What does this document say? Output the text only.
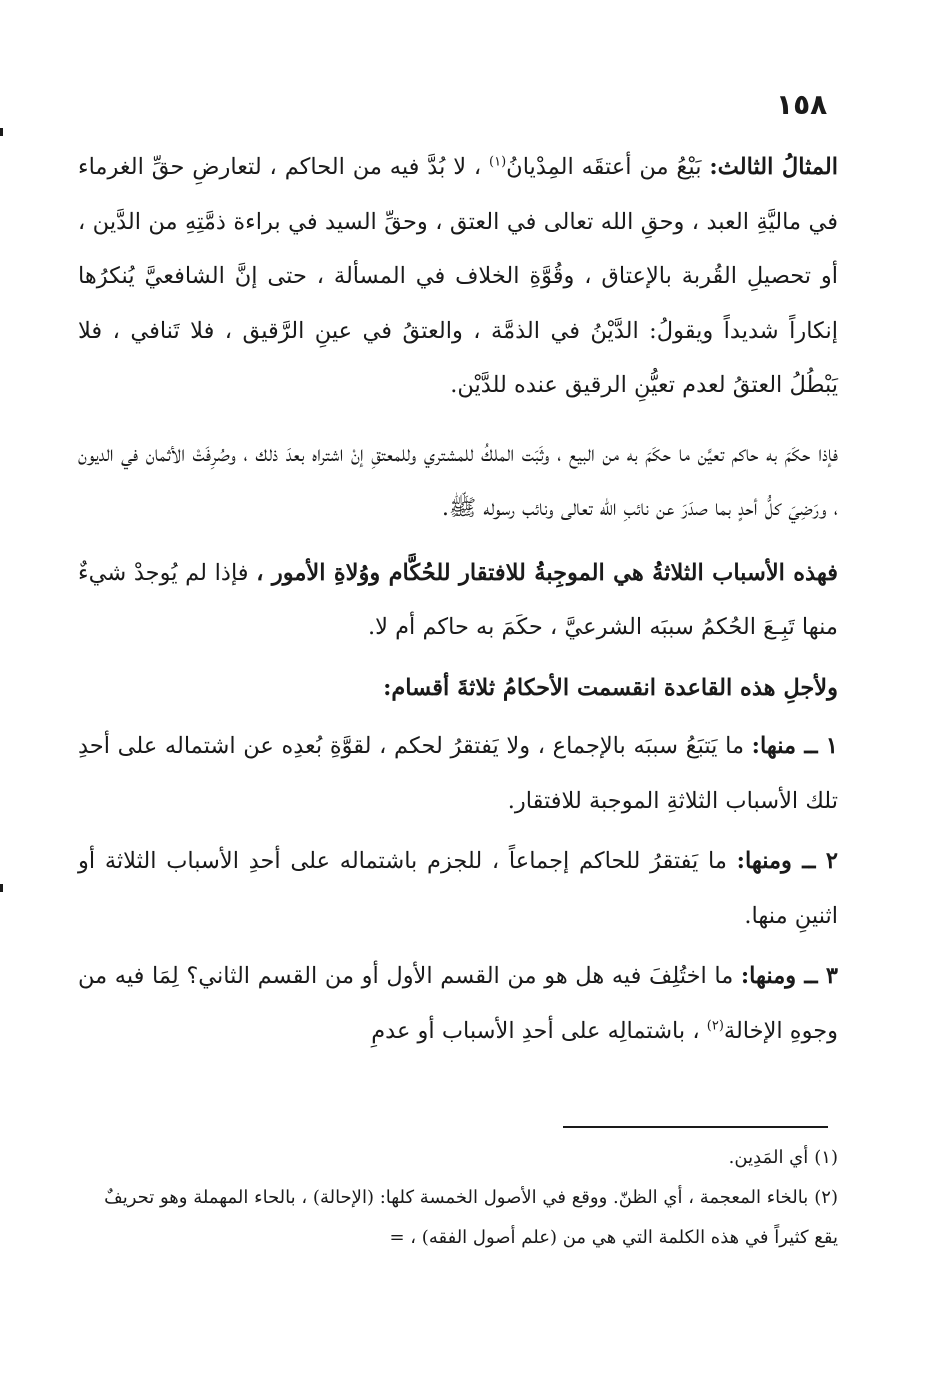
١٥٨

المثالُ الثالث: بَيْعُ من أعتقَه المِدْيانُ$^{(١)}$ ، لا بُدَّ فيه من الحاكم ، لتعارضِ حقِّ الغرماء في ماليَّةِ العبد ، وحقِ الله تعالى في العتق ، وحقِّ السيد في براءة ذمَّتِهِ من الدَّين ، أو تحصيلِ القُربة بالإعتاق ، وقُوَّةِ الخلاف في المسألة ، حتى إنَّ الشافعيَّ يُنكرُها إنكاراً شديداً ويقولُ: الدَّيْنُ في الذمَّة ، والعتقُ في عينِ الرَّقيق ، فلا تَنافي ، فلا يَبْطُلُ العتقُ لعدم تعيُّنِ الرقيق عنده للدَّيْن.

فإذا حكَمَ به حاكم تعيَّن ما حكَمَ به من البيع ، وثَبَت الملكُ للمشتري وللمعتقِ إنْ اشتراه بعدَ ذلك ، وصُرِفَتْ الأثمان في الديون ، ورَضِيَ كلُّ أحدٍ بما صدَرَ عن نائبِ الله تعالى ونائب رسوله ﷺ.

فهذه الأسباب الثلاثةُ هي الموجِبةُ للافتقار للحُكَّام ووُلاةِ الأمور ، فإذا لم يُوجدْ شيءٌ منها تَبِـعَ الحُكمُ سببَه الشرعيَّ ، حكَمَ به حاكم أم لا.

ولأجلِ هذه القاعدة انقسمت الأحكامُ ثلاثةَ أقسام:

١ ــ منها: ما يَتبَعُ سببَه بالإجماع ، ولا يَفتقرُ لحكم ، لقوَّةِ بُعدِه عن اشتماله على أحدِ تلك الأسباب الثلاثةِ الموجبة للافتقار.

٢ ــ ومنها: ما يَفتقرُ للحاكم إجماعاً ، للجزم باشتماله على أحدِ الأسباب الثلاثة أو اثنينِ منها.

٣ ــ ومنها: ما اختُلِفَ فيه هل هو من القسم الأول أو من القسم الثاني؟ لِمَا فيه من وجوهِ الإخالة$^{(٢)}$ ، باشتمالِه على أحدِ الأسباب أو عدمِ

(١)أي المَدِين.

(٢)بالخاء المعجمة ، أي الظنّ. ووقع في الأصول الخمسة كلها: (الإحالة) ، بالحاء المهملة وهو تحريفٌ يقع كثيراً في هذه الكلمة التي هي من (علم أصول الفقه) ، =
